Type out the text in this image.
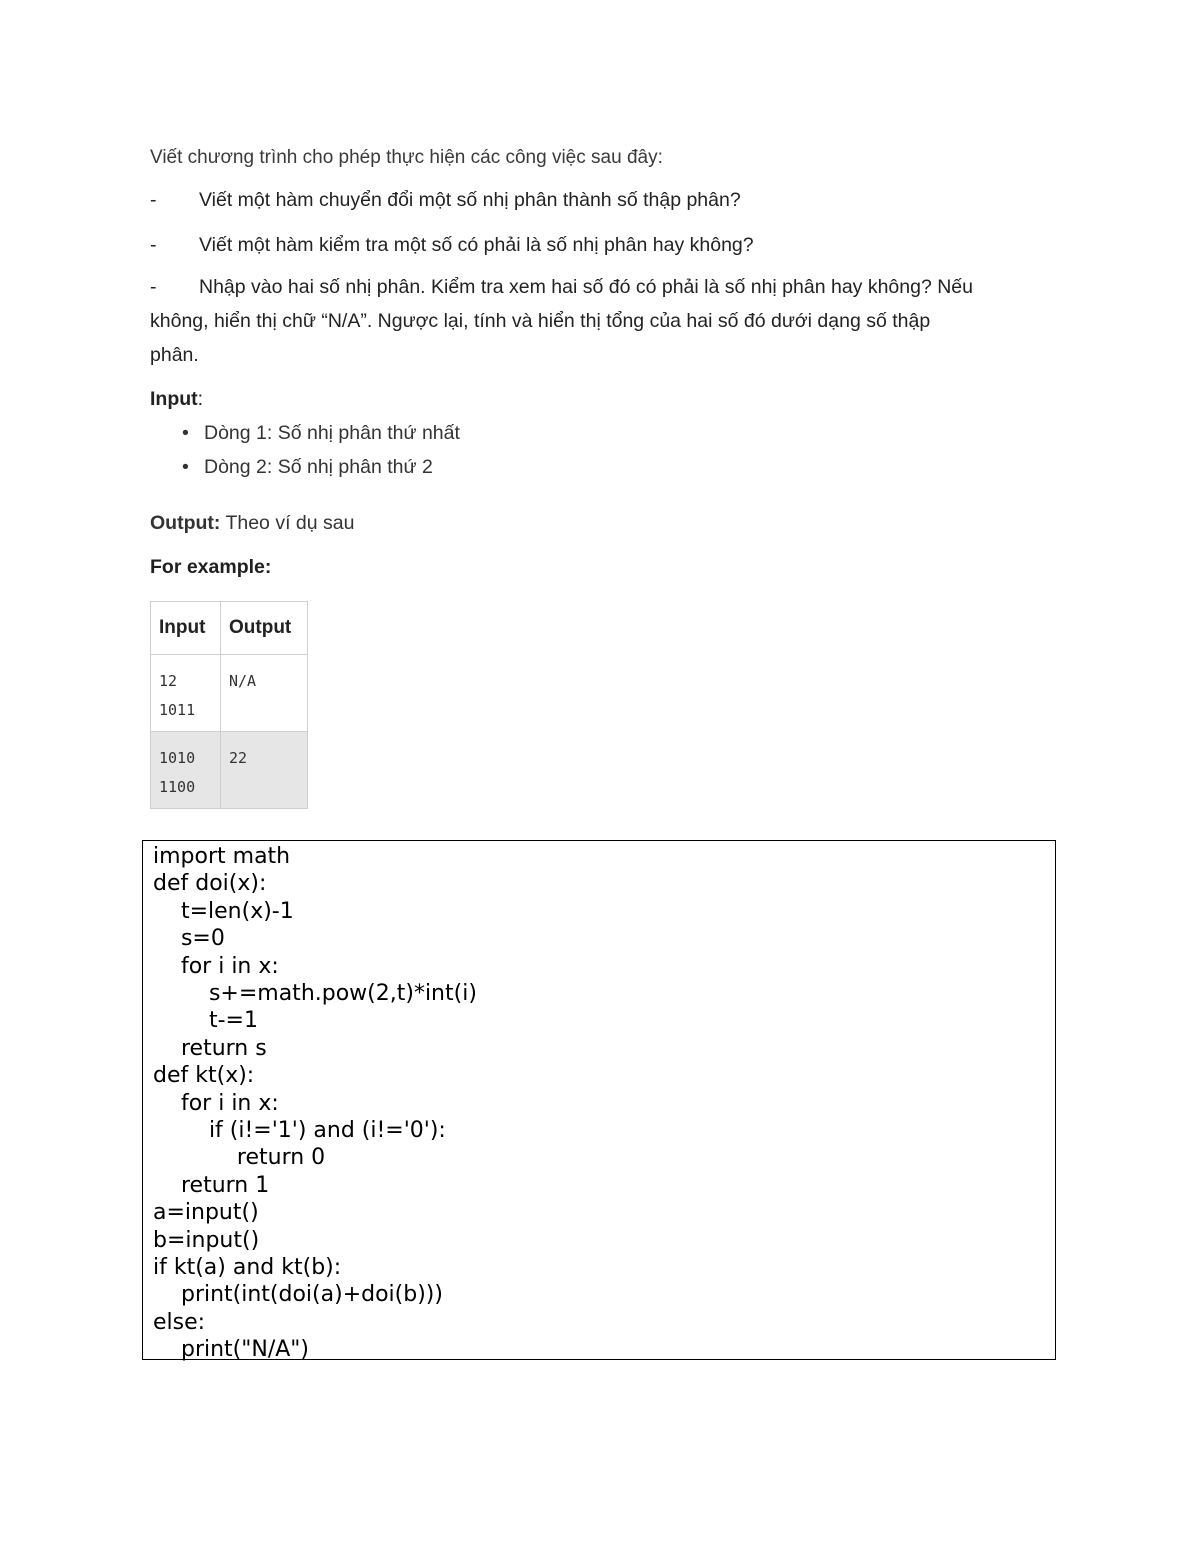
Viết chương trình cho phép thực hiện các công việc sau đây:

- Viết một hàm chuyển đổi một số nhị phân thành số thập phân?
- Viết một hàm kiểm tra một số có phải là số nhị phân hay không?
- Nhập vào hai số nhị phân. Kiểm tra xem hai số đó có phải là số nhị phân hay không? Nếu
không, hiển thị chữ “N/A”. Ngược lại, tính và hiển thị tổng của hai số đó dưới dạng số thập
phân.
Input:
• Dòng 1: Số nhị phân thứ nhất
• Dòng 2: Số nhị phân thứ 2
Output: Theo ví dụ sau
For example:
Input	Output

12
1011	N/A

1010
1100	22
import math
def doi(x):
t=len(x)-1
s=0
for i in x:
s+=math.pow(2,t)*int(i)
t-=1
return s
def kt(x):
for i in x:
if (i!='1') and (i!='0'):
return 0
return 1
a=input()
b=input()
if kt(a) and kt(b):
print(int(doi(a)+doi(b)))
else:
print("N/A")
